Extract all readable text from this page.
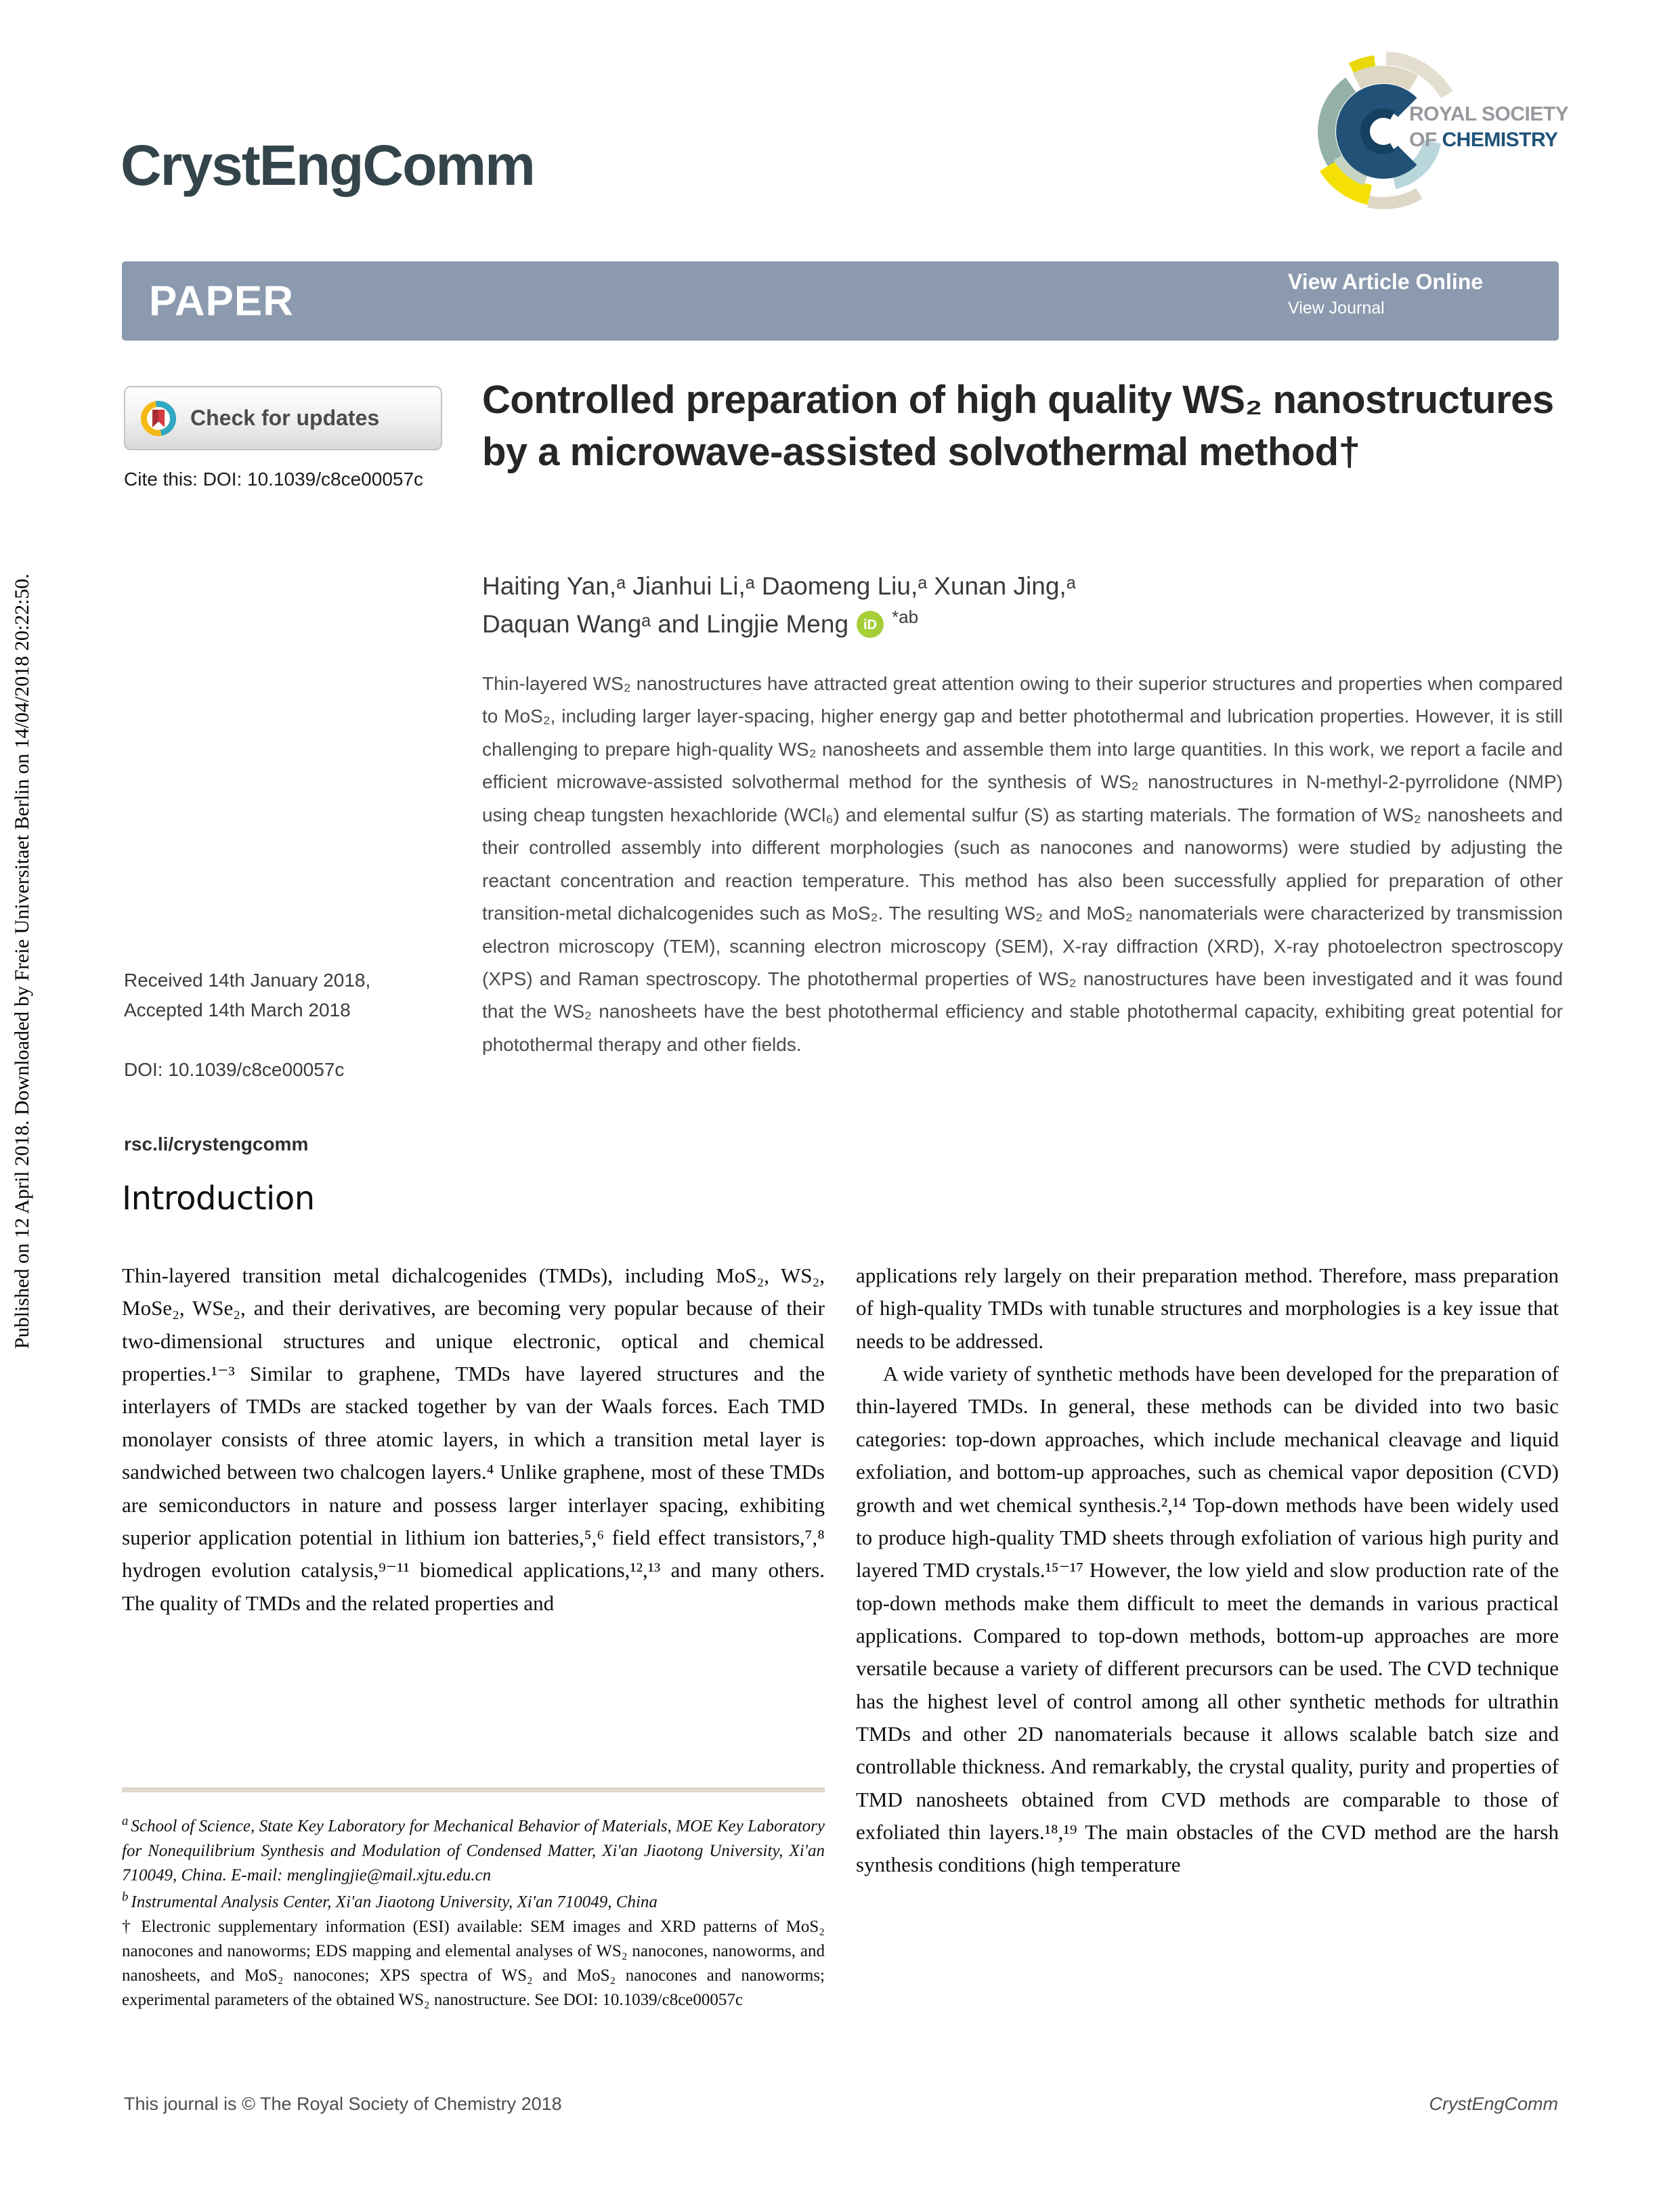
Published on 12 April 2018. Downloaded by Freie Universitaet Berlin on 14/04/2018 20:22:50.
CrystEngComm
ROYAL SOCIETY
OF CHEMISTRY
PAPER	View Article Online
View Journal
Check for updates
Cite this: DOI: 10.1039/c8ce00057c
Controlled preparation of high quality WS₂ nanostructures by a microwave-assisted solvothermal method†
Haiting Yan,ᵃ Jianhui Li,ᵃ Daomeng Liu,ᵃ Xunan Jing,ᵃ
Daquan Wangᵃ and Lingjie Meng iD *ab
Thin-layered WS₂ nanostructures have attracted great attention owing to their superior structures and properties when compared to MoS₂, including larger layer-spacing, higher energy gap and better photothermal and lubrication properties. However, it is still challenging to prepare high-quality WS₂ nanosheets and assemble them into large quantities. In this work, we report a facile and efficient microwave-assisted solvothermal method for the synthesis of WS₂ nanostructures in N-methyl-2-pyrrolidone (NMP) using cheap tungsten hexachloride (WCl₆) and elemental sulfur (S) as starting materials. The formation of WS₂ nanosheets and their controlled assembly into different morphologies (such as nanocones and nanoworms) were studied by adjusting the reactant concentration and reaction temperature. This method has also been successfully applied for preparation of other transition-metal dichalcogenides such as MoS₂. The resulting WS₂ and MoS₂ nanomaterials were characterized by transmission electron microscopy (TEM), scanning electron microscopy (SEM), X-ray diffraction (XRD), X-ray photoelectron spectroscopy (XPS) and Raman spectroscopy. The photothermal properties of WS₂ nanostructures have been investigated and it was found that the WS₂ nanosheets have the best photothermal efficiency and stable photothermal capacity, exhibiting great potential for photothermal therapy and other fields.
Received 14th January 2018,
Accepted 14th March 2018
DOI: 10.1039/c8ce00057c
rsc.li/crystengcomm
Introduction

Thin-layered transition metal dichalcogenides (TMDs), including MoS₂, WS₂, MoSe₂, WSe₂, and their derivatives, are becoming very popular because of their two-dimensional structures and unique electronic, optical and chemical properties.¹⁻³ Similar to graphene, TMDs have layered structures and the interlayers of TMDs are stacked together by van der Waals forces. Each TMD monolayer consists of three atomic layers, in which a transition metal layer is sandwiched between two chalcogen layers.⁴ Unlike graphene, most of these TMDs are semiconductors in nature and possess larger interlayer spacing, exhibiting superior application potential in lithium ion batteries,⁵,⁶ field effect transistors,⁷,⁸ hydrogen evolution catalysis,⁹⁻¹¹ biomedical applications,¹²,¹³ and many others. The quality of TMDs and the related properties and

$^a$ School of Science, State Key Laboratory for Mechanical Behavior of Materials, MOE Key Laboratory for Nonequilibrium Synthesis and Modulation of Condensed Matter, Xi'an Jiaotong University, Xi'an 710049, China. E-mail: menglingjie@mail.xjtu.edu.cn

$^b$ Instrumental Analysis Center, Xi'an Jiaotong University, Xi'an 710049, China

† Electronic supplementary information (ESI) available: SEM images and XRD patterns of MoS₂ nanocones and nanoworms; EDS mapping and elemental analyses of WS₂ nanocones, nanoworms, and nanosheets, and MoS₂ nanocones; XPS spectra of WS₂ and MoS₂ nanocones and nanoworms; experimental parameters of the obtained WS₂ nanostructure. See DOI: 10.1039/c8ce00057c

applications rely largely on their preparation method. Therefore, mass preparation of high-quality TMDs with tunable structures and morphologies is a key issue that needs to be addressed.

A wide variety of synthetic methods have been developed for the preparation of thin-layered TMDs. In general, these methods can be divided into two basic categories: top-down approaches, which include mechanical cleavage and liquid exfoliation, and bottom-up approaches, such as chemical vapor deposition (CVD) growth and wet chemical synthesis.²,¹⁴ Top-down methods have been widely used to produce high-quality TMD sheets through exfoliation of various high purity and layered TMD crystals.¹⁵⁻¹⁷ However, the low yield and slow production rate of the top-down methods make them difficult to meet the demands in various practical applications. Compared to top-down methods, bottom-up approaches are more versatile because a variety of different precursors can be used. The CVD technique has the highest level of control among all other synthetic methods for ultrathin TMDs and other 2D nanomaterials because it allows scalable batch size and controllable thickness. And remarkably, the crystal quality, purity and properties of TMD nanosheets obtained from CVD methods are comparable to those of exfoliated thin layers.¹⁸,¹⁹ The main obstacles of the CVD method are the harsh synthesis conditions (high temperature

This journal is © The Royal Society of Chemistry 2018	CrystEngComm
